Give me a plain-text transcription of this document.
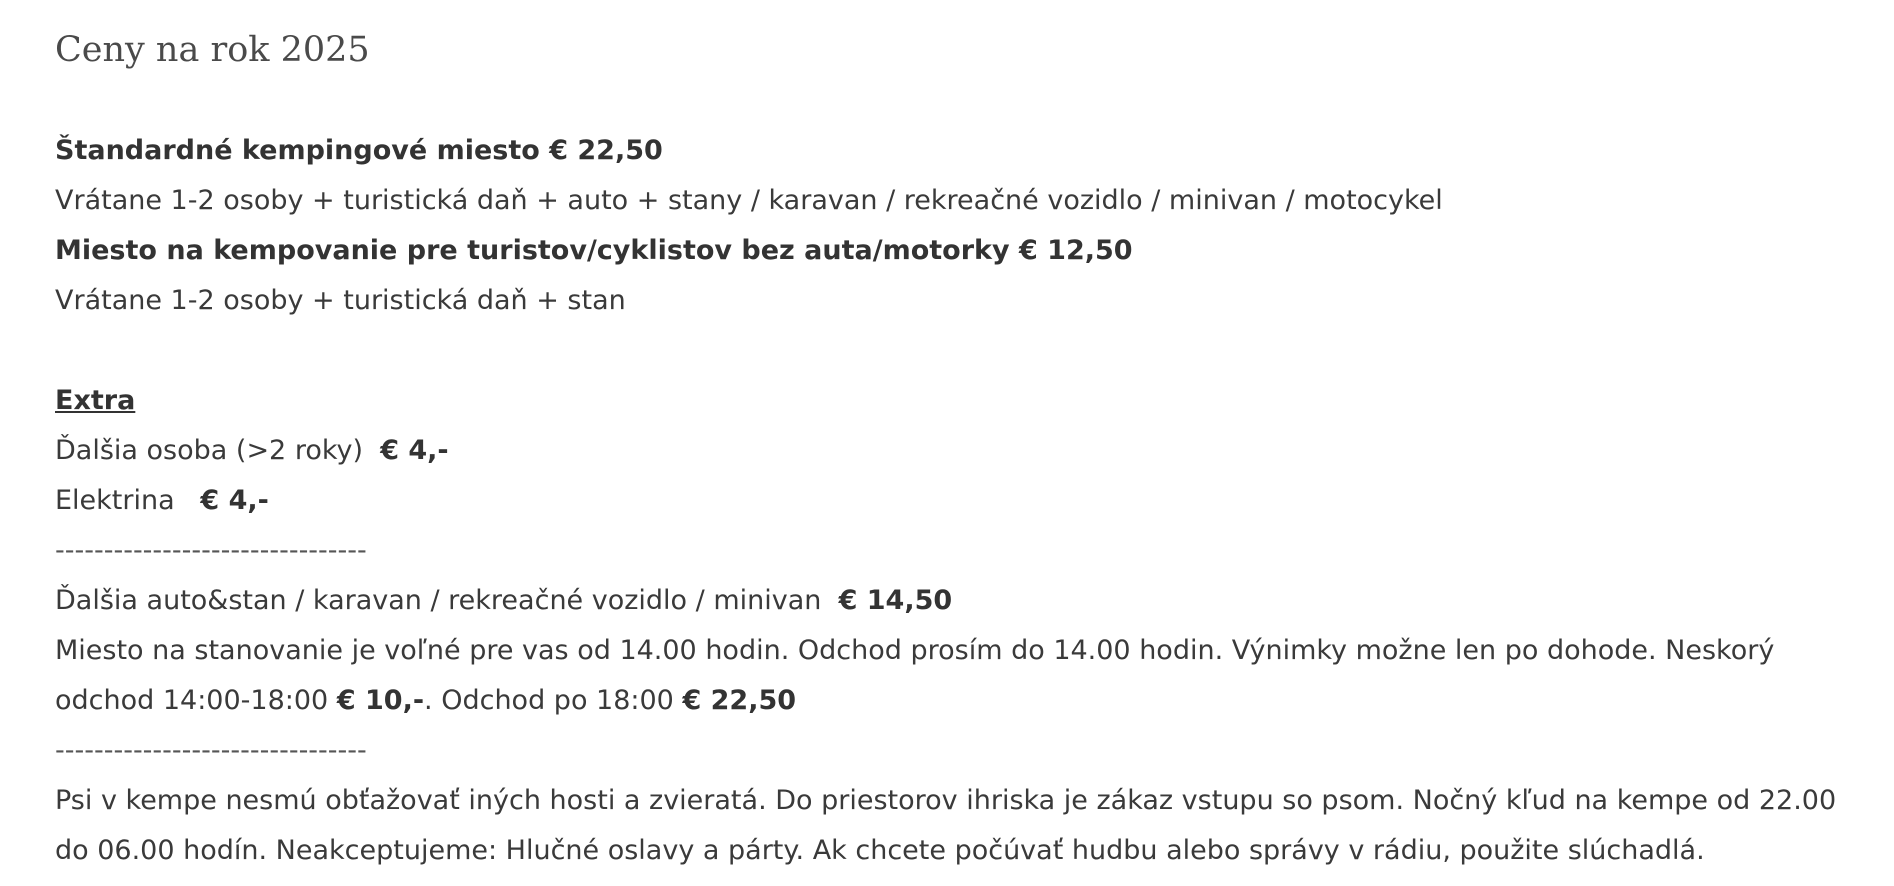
Ceny na rok 2025
Štandardné kempingové miesto € 22,50
Vrátane 1-2 osoby + turistická daň + auto + stany / karavan / rekreačné vozidlo / minivan / motocykel
Miesto na kempovanie pre turistov/cyklistov bez auta/motorky € 12,50
Vrátane 1-2 osoby + turistická daň + stan
Extra
Ďalšia osoba (>2 roky)  € 4,-
Elektrina   € 4,-
--------------------------------
Ďalšia auto&stan / karavan / rekreačné vozidlo / minivan  € 14,50
Miesto na stanovanie je voľné pre vas od 14.00 hodin. Odchod prosím do 14.00 hodin. Výnimky možne len po dohode. Neskorý
odchod 14:00-18:00 € 10,-. Odchod po 18:00 € 22,50
--------------------------------
Psi v kempe nesmú obťažovať iných hosti a zvieratá. Do priestorov ihriska je zákaz vstupu so psom. Nočný kľud na kempe od 22.00
do 06.00 hodín. Neakceptujeme: Hlučné oslavy a párty. Ak chcete počúvať hudbu alebo správy v rádiu, použite slúchadlá.
